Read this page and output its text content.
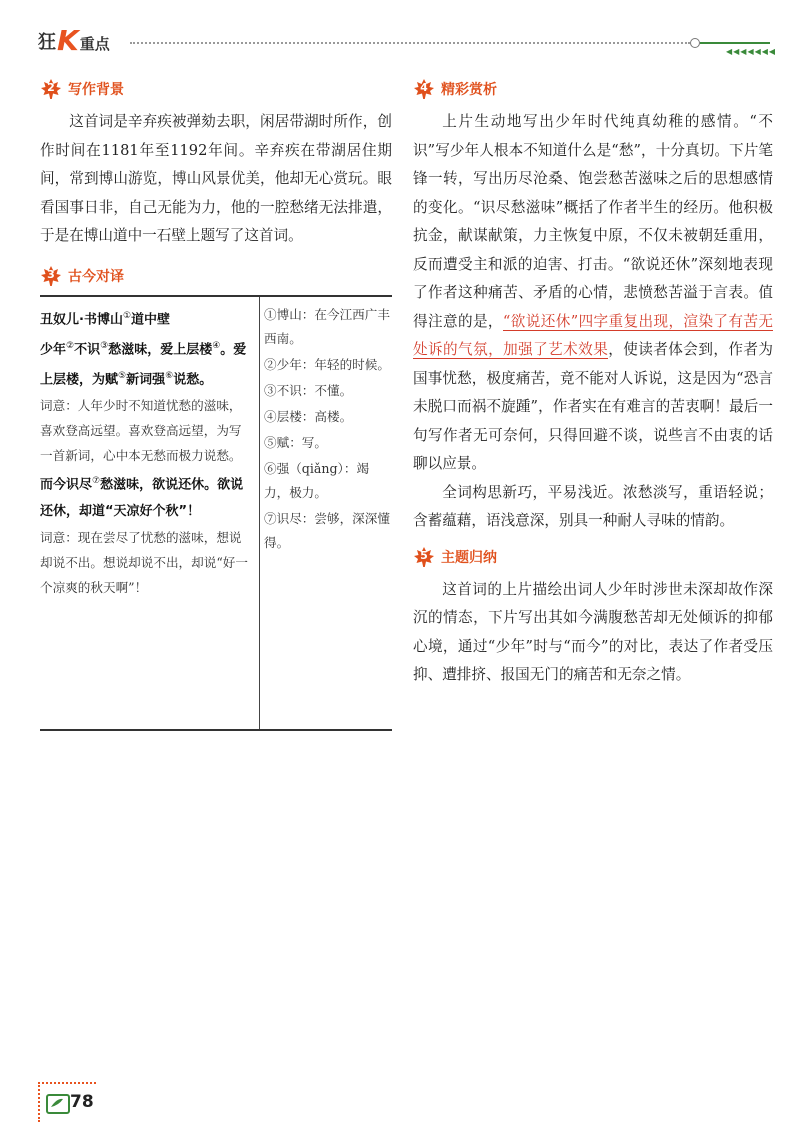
狂 K 重点	◀◀◀◀◀◀◀
2 写作背景

这首词是辛弃疾被弹劾去职，闲居带湖时所作，创作时间在1181年至1192年间。辛弃疾在带湖居住期间，常到博山游览，博山风景优美，他却无心赏玩。眼看国事日非，自己无能为力，他的一腔愁绪无法排遣，于是在博山道中一石壁上题写了这首词。

3 古今对译

丑奴儿·书博山①道中壁

少年②不识③愁滋味，爱上层楼④。爱上层楼，为赋⑤新词强⑥说愁。

词意：人年少时不知道忧愁的滋味，喜欢登高远望。喜欢登高远望，为写一首新词，心中本无愁而极力说愁。

而今识尽⑦愁滋味，欲说还休。欲说还休，却道“天凉好个秋”！

词意：现在尝尽了忧愁的滋味，想说却说不出。想说却说不出，却说“好一个凉爽的秋天啊”！

①博山：在今江西广丰西南。

②少年：年轻的时候。

③不识：不懂。

④层楼：高楼。

⑤赋：写。

⑥强（qiǎng）：竭力，极力。

⑦识尽：尝够，深深懂得。

4 精彩赏析

上片生动地写出少年时代纯真幼稚的感情。“不识”写少年人根本不知道什么是“愁”，十分真切。下片笔锋一转，写出历尽沧桑、饱尝愁苦滋味之后的思想感情的变化。“识尽愁滋味”概括了作者半生的经历。他积极抗金，献谋献策，力主恢复中原，不仅未被朝廷重用，反而遭受主和派的迫害、打击。“欲说还休”深刻地表现了作者这种痛苦、矛盾的心情，悲愤愁苦溢于言表。值得注意的是，“欲说还休”四字重复出现，渲染了有苦无处诉的气氛，加强了艺术效果，使读者体会到，作者为国事忧愁，极度痛苦，竟不能对人诉说，这是因为“恐言未脱口而祸不旋踵”，作者实在有难言的苦衷啊！最后一句写作者无可奈何，只得回避不谈，说些言不由衷的话聊以应景。

全词构思新巧，平易浅近。浓愁淡写，重语轻说；含蓄蕴藉，语浅意深，别具一种耐人寻味的情韵。

5 主题归纳

这首词的上片描绘出词人少年时涉世未深却故作深沉的情态，下片写出其如今满腹愁苦却无处倾诉的抑郁心境，通过“少年”时与“而今”的对比，表达了作者受压抑、遭排挤、报国无门的痛苦和无奈之情。

78
